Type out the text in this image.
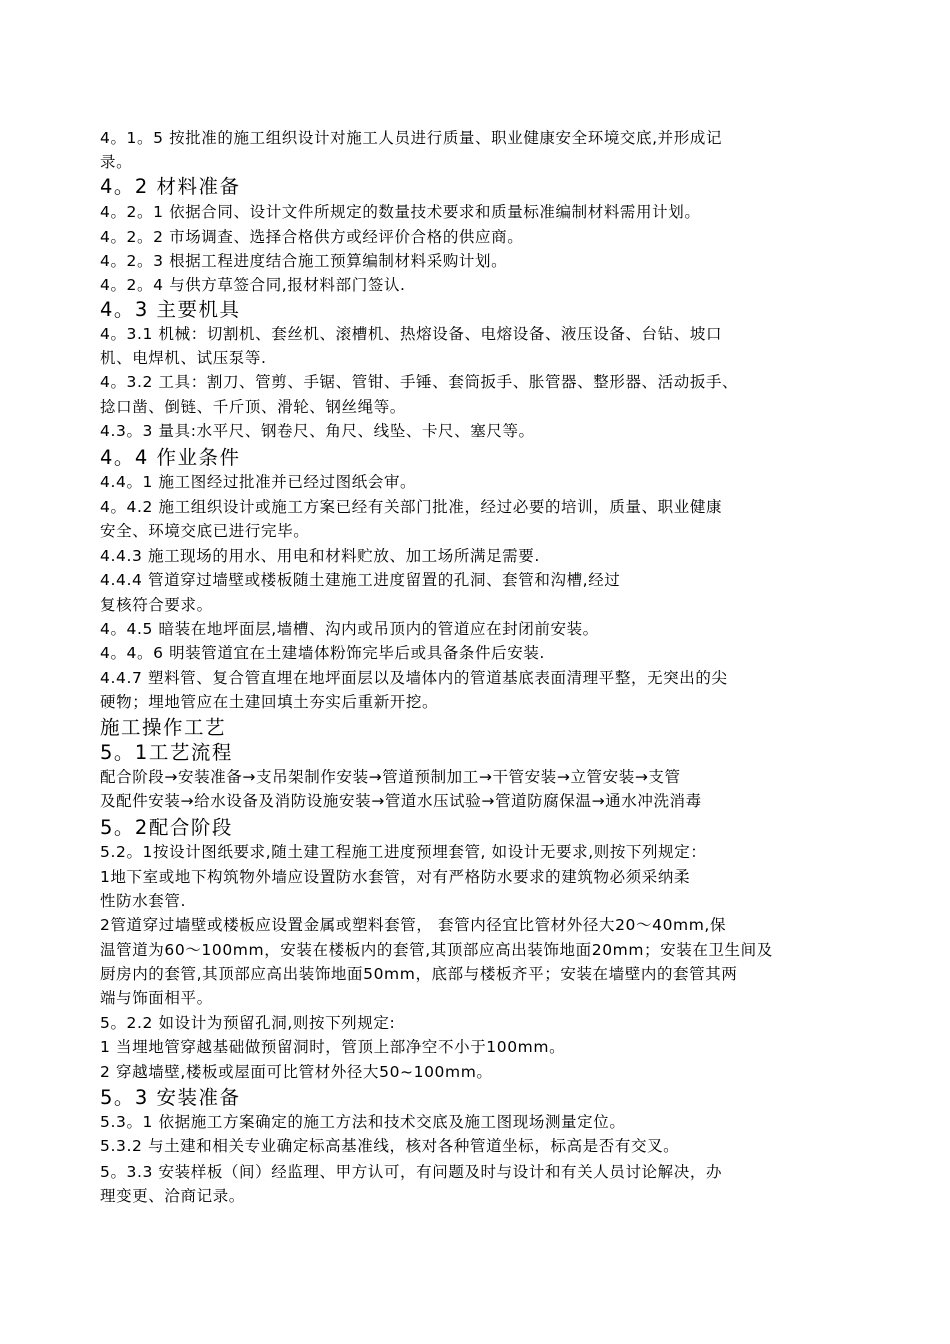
4。1。5 按批准的施工组织设计对施工人员进行质量、职业健康安全环境交底,并形成记
录。
4。2 材料准备
4。2。1 依据合同、设计文件所规定的数量技术要求和质量标准编制材料需用计划。
4。2。2 市场调查、选择合格供方或经评价合格的供应商。
4。2。3 根据工程进度结合施工预算编制材料采购计划。
4。2。4 与供方草签合同,报材料部门签认.
4。3 主要机具
4。3.1 机械：切割机、套丝机、滚槽机、热熔设备、电熔设备、液压设备、台钻、坡口
机、电焊机、试压泵等.
4。3.2 工具：割刀、管剪、手锯、管钳、手锤、套筒扳手、胀管器、整形器、活动扳手、
捻口凿、倒链、千斤顶、滑轮、钢丝绳等。
4.3。3 量具:水平尺、钢卷尺、角尺、线坠、卡尺、塞尺等。
4。4 作业条件
4.4。1 施工图经过批准并已经过图纸会审。
4。4.2 施工组织设计或施工方案已经有关部门批准，经过必要的培训，质量、职业健康
安全、环境交底已进行完毕。
4.4.3 施工现场的用水、用电和材料贮放、加工场所满足需要.
4.4.4 管道穿过墙壁或楼板随土建施工进度留置的孔洞、套管和沟槽,经过
复核符合要求。
4。4.5 暗装在地坪面层,墙槽、沟内或吊顶内的管道应在封闭前安装。
4。4。6 明装管道宜在土建墙体粉饰完毕后或具备条件后安装.
4.4.7 塑料管、复合管直埋在地坪面层以及墙体内的管道基底表面清理平整，无突出的尖
硬物；埋地管应在土建回填土夯实后重新开挖。
施工操作工艺
5。1工艺流程
配合阶段→安装准备→支吊架制作安装→管道预制加工→干管安装→立管安装→支管
及配件安装→给水设备及消防设施安装→管道水压试验→管道防腐保温→通水冲洗消毒
5。2配合阶段
5.2。1按设计图纸要求,随土建工程施工进度预埋套管, 如设计无要求,则按下列规定：
1地下室或地下构筑物外墙应设置防水套管，对有严格防水要求的建筑物必须采纳柔
性防水套管.
2管道穿过墙壁或楼板应设置金属或塑料套管， 套管内径宜比管材外径大20～40mm,保
温管道为60～100mm，安装在楼板内的套管,其顶部应高出装饰地面20mm；安装在卫生间及
厨房内的套管,其顶部应高出装饰地面50mm，底部与楼板齐平；安装在墙壁内的套管其两
端与饰面相平。
5。2.2 如设计为预留孔洞,则按下列规定:
1 当埋地管穿越基础做预留洞时，管顶上部净空不小于100mm。
2 穿越墙壁,楼板或屋面可比管材外径大50~100mm。
5。3 安装准备
5.3。1 依据施工方案确定的施工方法和技术交底及施工图现场测量定位。
5.3.2 与土建和相关专业确定标高基准线，核对各种管道坐标，标高是否有交叉。
5。3.3 安装样板（间）经监理、甲方认可，有问题及时与设计和有关人员讨论解决，办
理变更、洽商记录。
